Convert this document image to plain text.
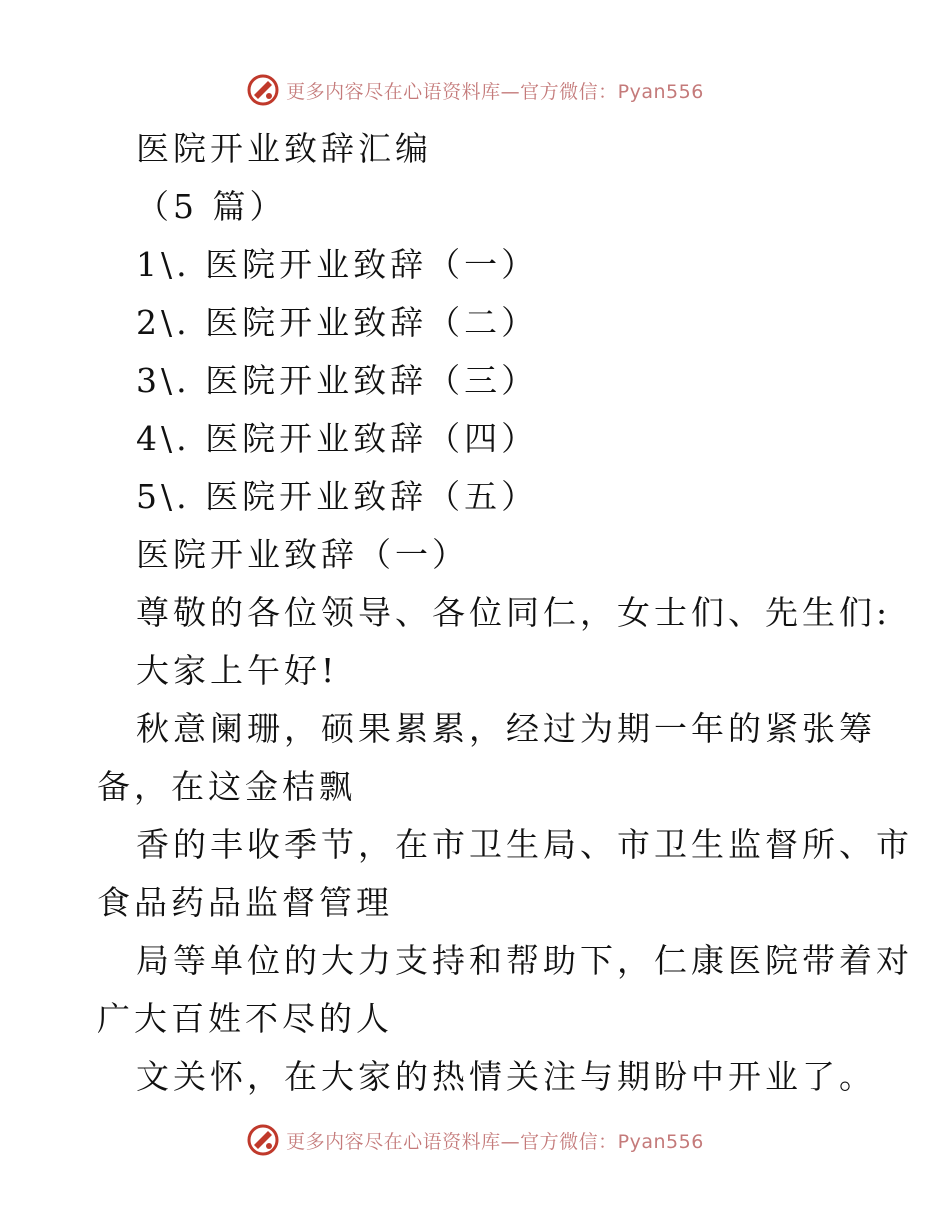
更多内容尽在心语资料库—官方微信：Pyan556
医院开业致辞汇编
（5 篇）
1\. 医院开业致辞（一）
2\. 医院开业致辞（二）
3\. 医院开业致辞（三）
4\. 医院开业致辞（四）
5\. 医院开业致辞（五）
医院开业致辞（一）
尊敬的各位领导、各位同仁，女士们、先生们:
大家上午好!
秋意阑珊，硕果累累，经过为期一年的紧张筹
备，在这金桔飘
香的丰收季节，在市卫生局、市卫生监督所、市
食品药品监督管理
局等单位的大力支持和帮助下，仁康医院带着对
广大百姓不尽的人
文关怀，在大家的热情关注与期盼中开业了。
更多内容尽在心语资料库—官方微信：Pyan556
